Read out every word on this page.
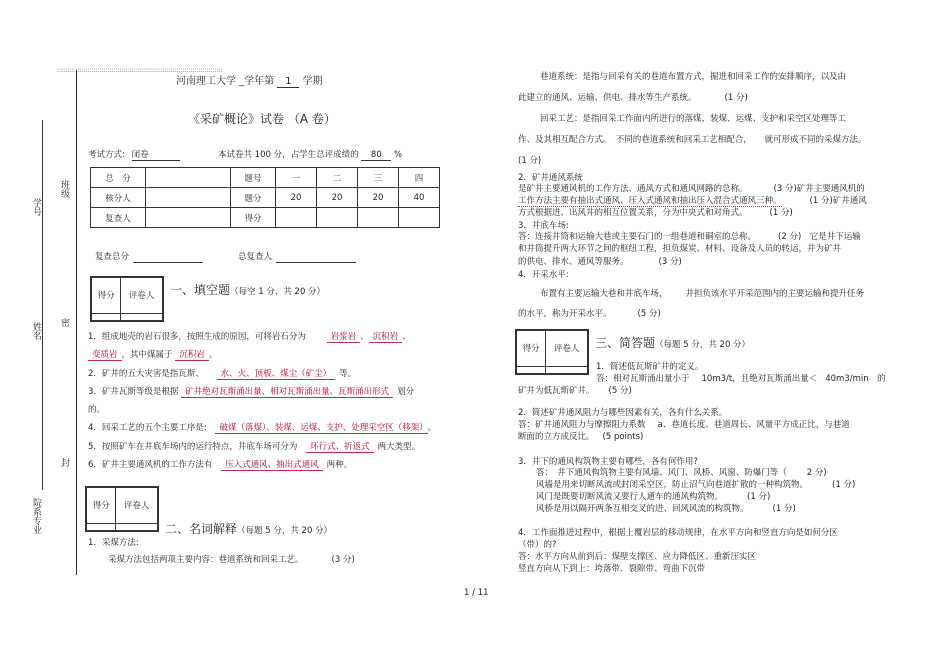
::::::::::::::::::::::::::::::::::::::::::::::::::::::::::::::::::::::::::::::::::
班级
学号
姓名 密
封
院系
专业
河南理工大学 _学年第 1 学期
《采矿概论》试卷 （A 卷）
考试方式: 闭卷	本试卷共 100 分，占学生总评成绩的 80 %
总　分		题号	一	二	三	四
核分人		题分	20	20	20	40
复查人		得分				
复查总分	总复查人
得分	评卷人
	一、填空题（每空 1 分，共 20 分）
1．组成地壳的岩石很多，按照生成的原因，可将岩石分为	岩浆岩 、 沉积岩 、
变质岩 ，其中煤属于 沉积岩 。
2．矿井的五大灾害是指瓦斯、 水、火、顶板、煤尘（矿尘） 等。
3．矿井瓦斯等级是根据 矿井绝对瓦斯涌出量、相对瓦斯涌出量、瓦斯涌出形式 划分
的。
4．回采工艺的五个主要工序是: 破煤（落煤）、装煤、运煤、支护、处理采空区（移架） 。
5．按照矿车在井底车场内的运行特点，井底车场可分为 环行式、折返式 两大类型。
6．矿井主要通风机的工作方法有 压入式通风、抽出式通风 两种。
得分	评卷人

二、名词解释（每题 5 分，共 20 分）
1．采煤方法:
采煤方法包括两项主要内容：巷道系统和回采工艺。	(3 分)
巷道系统：是指与回采有关的巷道布置方式，掘进和回采工作的安排顺序，以及由
此建立的通风、运输、供电、排水等生产系统。	(1 分)
回采工艺：是指回采工作面内所进行的落煤、装煤、运煤、支护和采空区处理等工
作、及其相互配合方式。　不同的巷道系统和回采工艺相配合，　　就可形成不同的采煤方法。
(1 分)
2．矿井通风系统
是矿井主要通风机的工作方法、通风方式和通风网路的总称。	(3 分)矿井主要通风机的
工作方法主要有抽出式通风、压入式通风和抽出压入混合式通风三种。	(1 分)矿井通风
方式根据进、出风井的相互位置关系，分为中央式和对角式。	(1 分)
3．井底车场:
答：连接井筒和运输大巷或主要石门的一组巷道和硐室的总称。	(2 分)　它是井下运输
和井筒提升两大环节之间的枢纽工程，担负煤炭、材料、设备及人员的转运，并为矿井
的供电、排水、通风等服务。	(3 分)
4．开采水平:
布置有主要运输大巷和井底车场， 并担负该水平开采范围内的主要运输和提升任务
的水平，称为开采水平。	(5 分)
得分	评卷人
	三、简答题（每题 5 分，共 20 分）
1．简述低瓦斯矿井的定义。
答：相对瓦斯涌出量小于 10m3/t，且绝对瓦斯涌出量＜ 40m3/min　的
矿井为低瓦斯矿井。 (5 分)
2．简述矿井通风阻力与哪些因素有关，各有什么关系。
答：矿井通风阻力与摩擦阻力系数 a、巷道长度、巷道周长、风量平方成正比，与巷道
断面的立方成反比。 (5 points)
3．井下的通风构筑物主要有哪些，各有何作用?
答：　井下通风构筑物主要有风墙、风门、风桥、风窗、防爆门等（ 2 分)
风墙是用来切断风流或封闭采空区，防止沼气向巷道扩散的一种构筑物。	(1 分)
风门是既要切断风流又要行人通车的通风构筑物。	(1 分)
风桥是用以隔开两条互相交叉的进、回风风流的构筑物。	(1 分)
4．工作面推进过程中，根据上覆岩层的移动规律，在水平方向和竖直方向是如何分区
（带）的?
答：水平方向从前到后：煤壁支撑区、应力降低区、重新压实区
竖直方向从下到上：垮落带、裂隙带、弯曲下沉带
1 / 11
